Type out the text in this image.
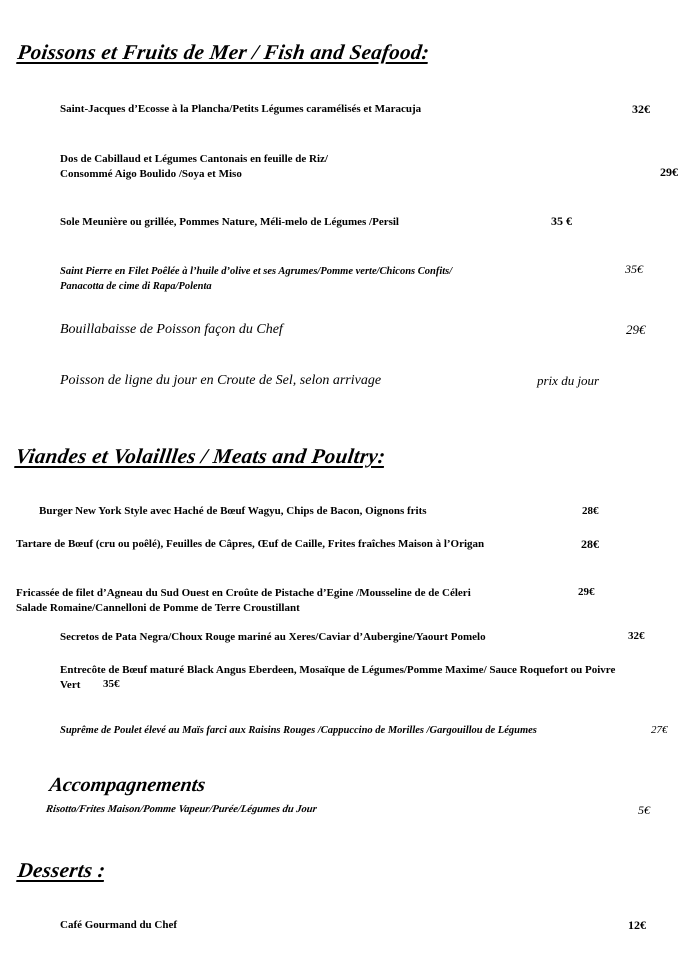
Poissons et Fruits de Mer / Fish and Seafood:
Saint-Jacques d’Ecosse à la Plancha/Petits Légumes caramélisés et Maracuja	32€
Dos de Cabillaud et Légumes Cantonais en feuille de Riz/
Consommé Aigo Boulido /Soya et Miso	29€
Sole Meunière ou grillée, Pommes Nature, Méli-melo de Légumes /Persil	35 €
Saint Pierre en Filet Poêlée à l’huile d’olive et ses Agrumes/Pomme verte/Chicons Confits/
Panacotta de cime di Rapa/Polenta
35€
Bouillabaisse de Poisson façon du Chef	29€
Poisson de ligne du jour en Croute de Sel, selon arrivage	prix du jour
Viandes et Volaillles / Meats and Poultry:
Burger New York Style avec Haché de Bœuf Wagyu, Chips de Bacon, Oignons frits	28€
Tartare de Bœuf (cru ou poêlé), Feuilles de Câpres, Œuf de Caille, Frites fraîches Maison à l’Origan	28€
Fricassée de filet d’Agneau du Sud Ouest en Croûte de Pistache d’Egine /Mousseline de de Céleri
Salade Romaine/Cannelloni de Pomme de Terre Croustillant
29€
Secretos de Pata Negra/Choux Rouge mariné au Xeres/Caviar d’Aubergine/Yaourt Pomelo	32€
Entrecôte de Bœuf maturé Black Angus Eberdeen, Mosaïque de Légumes/Pomme Maxime/ Sauce Roquefort ou Poivre
Vert	35€
Suprême de Poulet élevé au Maïs farci aux Raisins Rouges /Cappuccino de Morilles /Gargouillou de Légumes	27€
Accompagnements
Risotto/Frites Maison/Pomme Vapeur/Purée/Légumes du Jour	5€
Desserts :
Café Gourmand du Chef	12€
